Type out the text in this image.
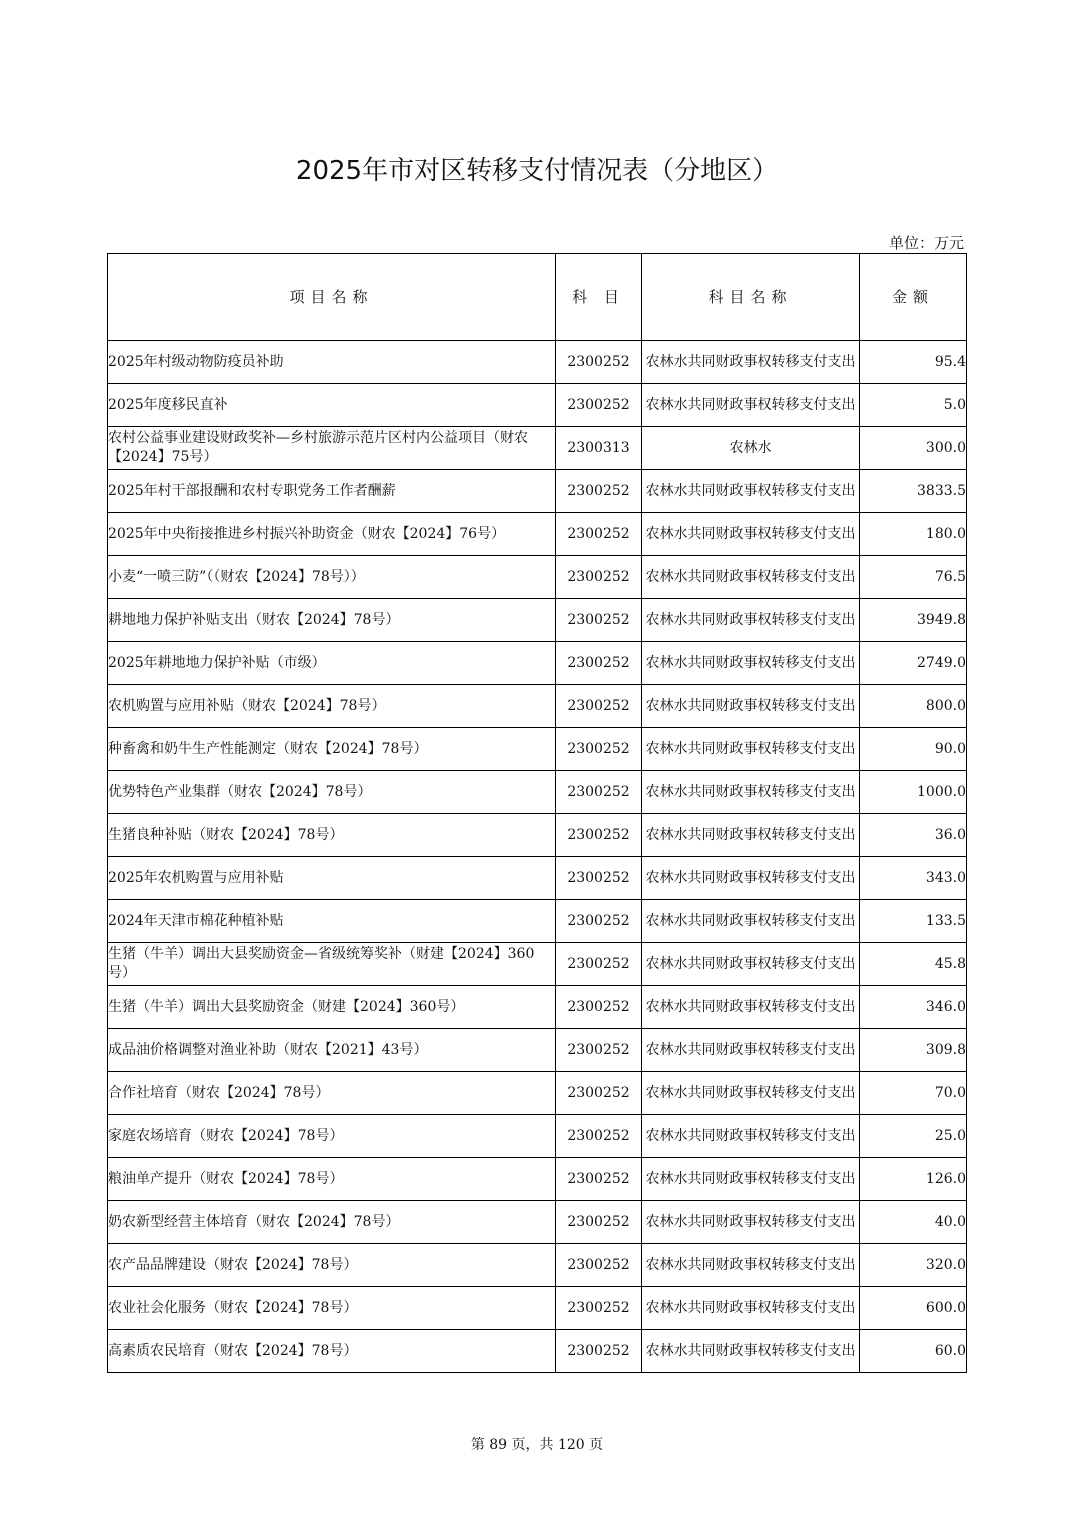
2025年市对区转移支付情况表（分地区）
单位：万元
项目名称	科 目	科目名称	金额
2025年村级动物防疫员补助	2300252	农林水共同财政事权转移支付支出	95.4
2025年度移民直补	2300252	农林水共同财政事权转移支付支出	5.0
农村公益事业建设财政奖补—乡村旅游示范片区村内公益项目（财农【2024】75号）	2300313	农林水	300.0
2025年村干部报酬和农村专职党务工作者酬薪	2300252	农林水共同财政事权转移支付支出	3833.5
2025年中央衔接推进乡村振兴补助资金（财农【2024】76号）	2300252	农林水共同财政事权转移支付支出	180.0
小麦“一喷三防”（（财农【2024】78号））	2300252	农林水共同财政事权转移支付支出	76.5
耕地地力保护补贴支出（财农【2024】78号）	2300252	农林水共同财政事权转移支付支出	3949.8
2025年耕地地力保护补贴（市级）	2300252	农林水共同财政事权转移支付支出	2749.0
农机购置与应用补贴（财农【2024】78号）	2300252	农林水共同财政事权转移支付支出	800.0
种畜禽和奶牛生产性能测定（财农【2024】78号）	2300252	农林水共同财政事权转移支付支出	90.0
优势特色产业集群（财农【2024】78号）	2300252	农林水共同财政事权转移支付支出	1000.0
生猪良种补贴（财农【2024】78号）	2300252	农林水共同财政事权转移支付支出	36.0
2025年农机购置与应用补贴	2300252	农林水共同财政事权转移支付支出	343.0
2024年天津市棉花种植补贴	2300252	农林水共同财政事权转移支付支出	133.5
生猪（牛羊）调出大县奖励资金—省级统筹奖补（财建【2024】360号）	2300252	农林水共同财政事权转移支付支出	45.8
生猪（牛羊）调出大县奖励资金（财建【2024】360号）	2300252	农林水共同财政事权转移支付支出	346.0
成品油价格调整对渔业补助（财农【2021】43号）	2300252	农林水共同财政事权转移支付支出	309.8
合作社培育（财农【2024】78号）	2300252	农林水共同财政事权转移支付支出	70.0
家庭农场培育（财农【2024】78号）	2300252	农林水共同财政事权转移支付支出	25.0
粮油单产提升（财农【2024】78号）	2300252	农林水共同财政事权转移支付支出	126.0
奶农新型经营主体培育（财农【2024】78号）	2300252	农林水共同财政事权转移支付支出	40.0
农产品品牌建设（财农【2024】78号）	2300252	农林水共同财政事权转移支付支出	320.0
农业社会化服务（财农【2024】78号）	2300252	农林水共同财政事权转移支付支出	600.0
高素质农民培育（财农【2024】78号）	2300252	农林水共同财政事权转移支付支出	60.0
第 89 页，共 120 页
